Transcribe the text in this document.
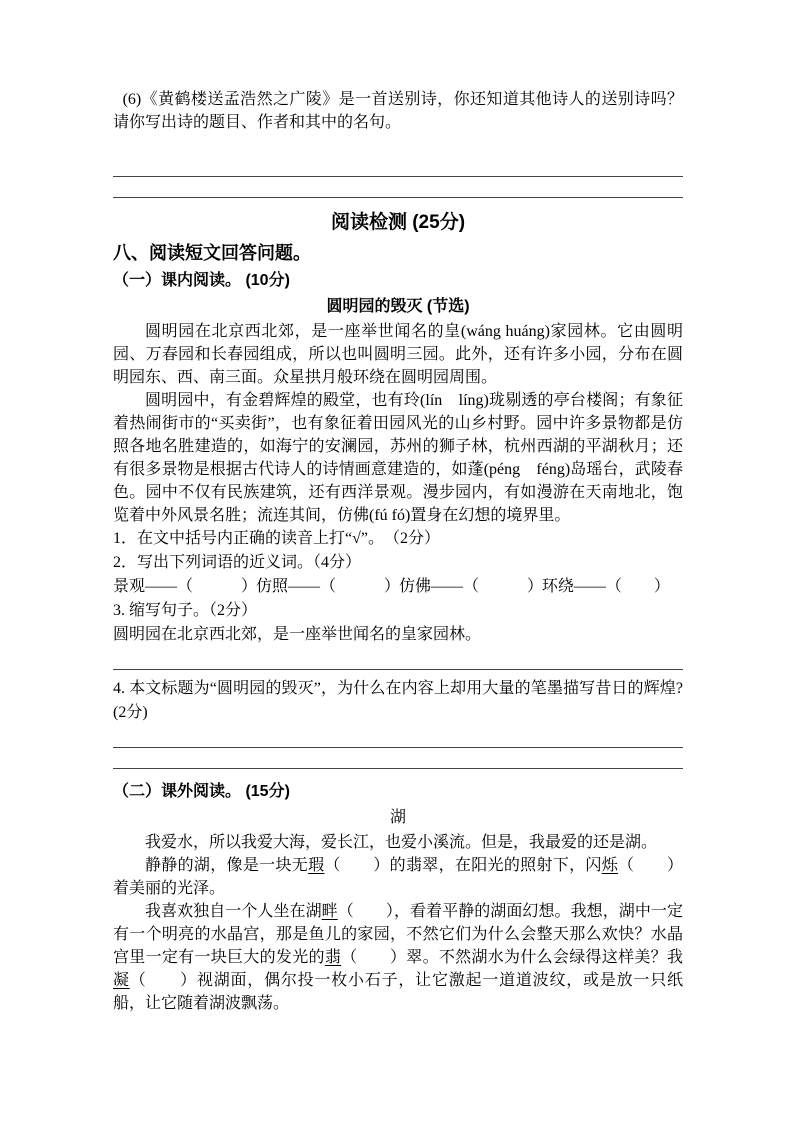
(6)《黄鹤楼送孟浩然之广陵》是一首送别诗，你还知道其他诗人的送别诗吗？请你写出诗的题目、作者和其中的名句。

阅读检测 (25分)
八、阅读短文回答问题。
（一）课内阅读。 (10分)
圆明园的毁灭 (节选)

圆明园在北京西北郊，是一座举世闻名的皇(wáng huáng)家园林。它由圆明园、万春园和长春园组成，所以也叫圆明三园。此外，还有许多小园，分布在圆明园东、西、南三面。众星拱月般环绕在圆明园周围。

圆明园中，有金碧辉煌的殿堂，也有玲(lín　líng)珑剔透的亭台楼阁；有象征着热闹街市的“买卖街”，也有象征着田园风光的山乡村野。园中许多景物都是仿照各地名胜建造的，如海宁的安澜园，苏州的狮子林，杭州西湖的平湖秋月；还有很多景物是根据古代诗人的诗情画意建造的，如蓬(péng　féng)岛瑶台，武陵春色。园中不仅有民族建筑，还有西洋景观。漫步园内，有如漫游在天南地北，饱览着中外风景名胜；流连其间，仿佛(fú fó)置身在幻想的境界里。

1．在文中括号内正确的读音上打“√”。　（2分）

2．写出下列词语的近义词。（4分）

景观——（　　　）
仿照——（　　　）
仿佛——（　　　）
环绕——（　　）

3. 缩写句子。（2分）

圆明园在北京西北郊，是一座举世闻名的皇家园林。

4. 本文标题为“圆明园的毁灭”，为什么在内容上却用大量的笔墨描写昔日的辉煌?(2分)

（二）课外阅读。 (15分)
湖

我爱水，所以我爱大海，爱长江，也爱小溪流。但是，我最爱的还是湖。

静静的湖，像是一块无瑕（　　）的翡翠，在阳光的照射下，闪烁（　　）着美丽的光泽。

我喜欢独自一个人坐在湖畔（　　），看着平静的湖面幻想。我想，湖中一定有一个明亮的水晶宫，那是鱼儿的家园，不然它们为什么会整天那么欢快？水晶宫里一定有一块巨大的发光的翡（　　）翠。不然湖水为什么会绿得这样美？我凝（　　）视湖面，偶尔投一枚小石子，让它激起一道道波纹，或是放一只纸船，让它随着湖波飘荡。
